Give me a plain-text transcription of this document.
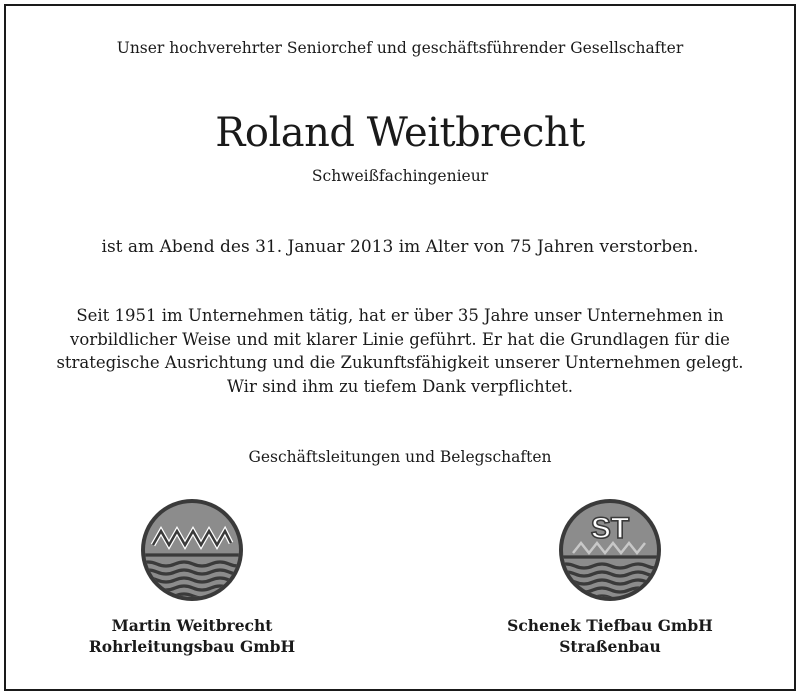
Unser hochverehrter Seniorchef und geschäftsführender Gesellschafter
Roland Weitbrecht
Schweißfachingenieur
ist am Abend des 31. Januar 2013 im Alter von 75 Jahren verstorben.
Seit 1951 im Unternehmen tätig, hat er über 35 Jahre unser Unternehmen in
vorbildlicher Weise und mit klarer Linie geführt. Er hat die Grundlagen für die
strategische Ausrichtung und die Zukunftsfähigkeit unserer Unternehmen gelegt.
Wir sind ihm zu tiefem Dank verpflichtet.
Geschäftsleitungen und Belegschaften
ST
Martin Weitbrecht
Rohrleitungsbau GmbH
Schenek Tiefbau GmbH
Straßenbau
